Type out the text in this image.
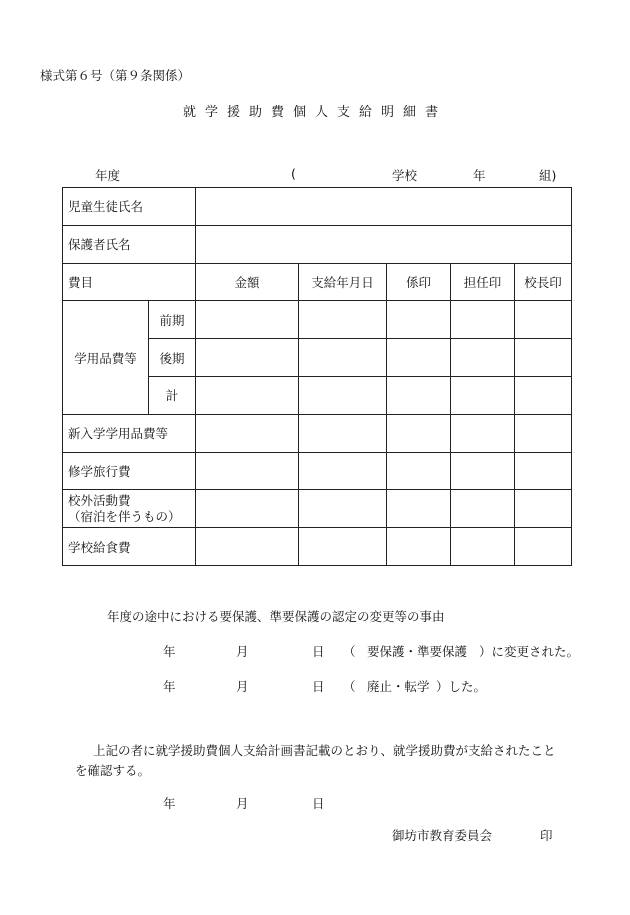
様式第６号（第９条関係）
就学援助費個人支給明細書
年度	(	学校	年	組)
児童生徒氏名						
保護者氏名						
費目		金額	支給年月日	係印	担任印	校長印
学用品費等	前期					
	後期					
	計					
新入学学用品費等						
修学旅行費						

校外活動費
（宿泊を伴うもの）						

学校給食費						
年度の途中における要保護、準要保護の認定の変更等の事由
年	月	日 （ 要保護・準要保護 ）に変更された。
年	月	日 （ 廃止・転学 ）した。
上記の者に就学援助費個人支給計画書記載のとおり、就学援助費が支給されたこと
を確認する。
年	月	日
御坊市教育委員会	印
